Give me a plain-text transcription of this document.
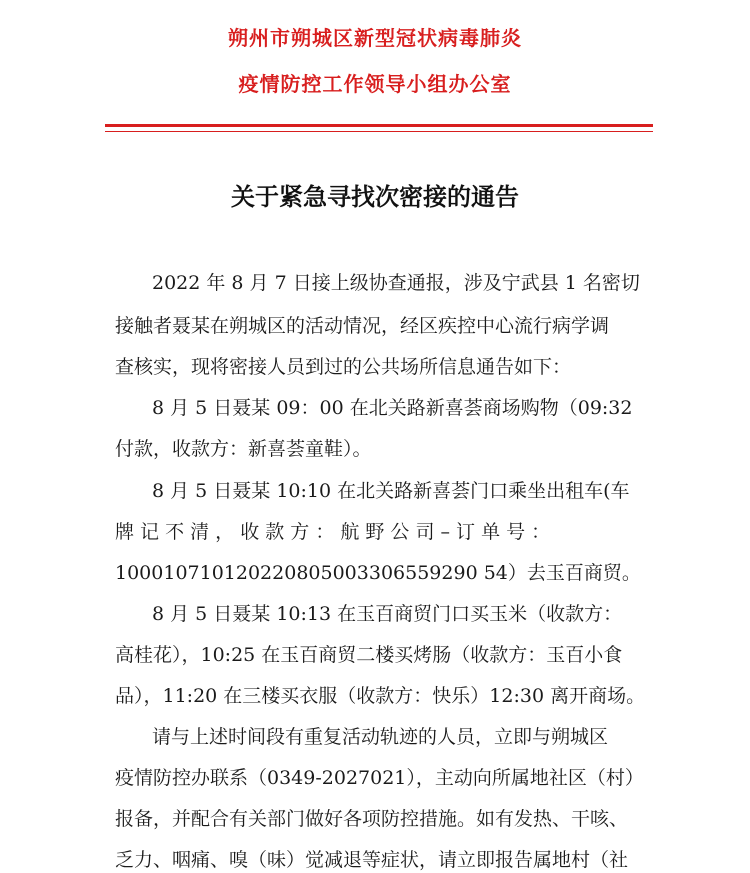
朔州市朔城区新型冠状病毒肺炎
疫情防控工作领导小组办公室
关于紧急寻找次密接的通告
2022 年 8 月 7 日接上级协查通报，涉及宁武县 1 名密切
接触者聂某在朔城区的活动情况，经区疾控中心流行病学调
查核实，现将密接人员到过的公共场所信息通告如下：
8 月 5 日聂某 09：00 在北关路新喜荟商场购物（09:32
付款，收款方：新喜荟童鞋）。
8 月 5 日聂某 10:10 在北关路新喜荟门口乘坐出租车(车
牌 记 不 清 ， 收 款 方 ： 航 野 公 司 – 订 单 号 ：
100010710120220805003306559290 54）去玉百商贸。
8 月 5 日聂某 10:13 在玉百商贸门口买玉米（收款方：
高桂花），10:25 在玉百商贸二楼买烤肠（收款方：玉百小食
品），11:20 在三楼买衣服（收款方：快乐）12:30 离开商场。
请与上述时间段有重复活动轨迹的人员，立即与朔城区
疫情防控办联系（0349-2027021），主动向所属地社区（村）
报备，并配合有关部门做好各项防控措施。如有发热、干咳、
乏力、咽痛、嗅（味）觉减退等症状，请立即报告属地村（社
